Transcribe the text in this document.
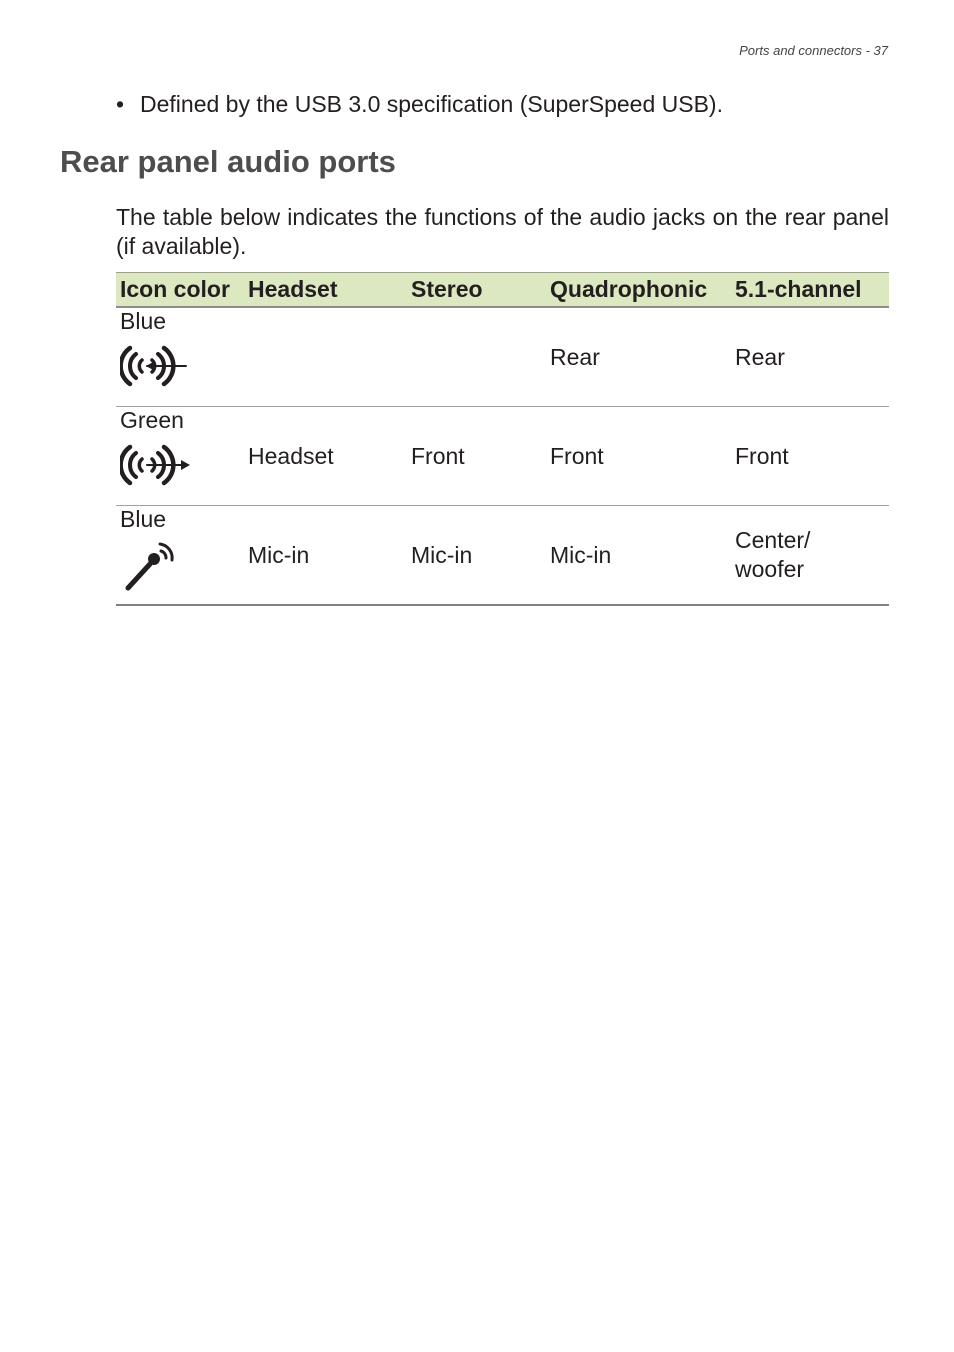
Ports and connectors - 37
• Defined by the USB 3.0 specification (SuperSpeed USB).
Rear panel audio ports

The table below indicates the functions of the audio jacks on the rear panel (if available).

Icon color	Headset	Stereo	Quadrophonic	5.1-channel

Blue			Rear	Rear

Green	Headset	Front	Front	Front

Blue	Mic-in	Mic-in	Mic-in	Center/
woofer
